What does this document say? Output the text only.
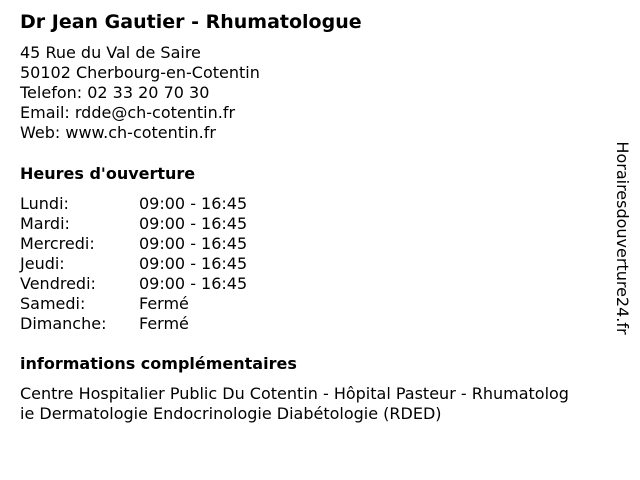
Dr Jean Gautier - Rhumatologue
45 Rue du Val de Saire
50102 Cherbourg-en-Cotentin
Telefon: 02 33 20 70 30
Email: rdde@ch-cotentin.fr
Web: www.ch-cotentin.fr
Heures d'ouverture
Lundi:	09:00 - 16:45
Mardi:	09:00 - 16:45
Mercredi:	09:00 - 16:45
Jeudi:	09:00 - 16:45
Vendredi:	09:00 - 16:45
Samedi:	Fermé
Dimanche: Fermé
informations complémentaires
Centre Hospitalier Public Du Cotentin - Hôpital Pasteur - Rhumatolog
ie Dermatologie Endocrinologie Diabétologie (RDED)
Horairesdouverture24.fr
